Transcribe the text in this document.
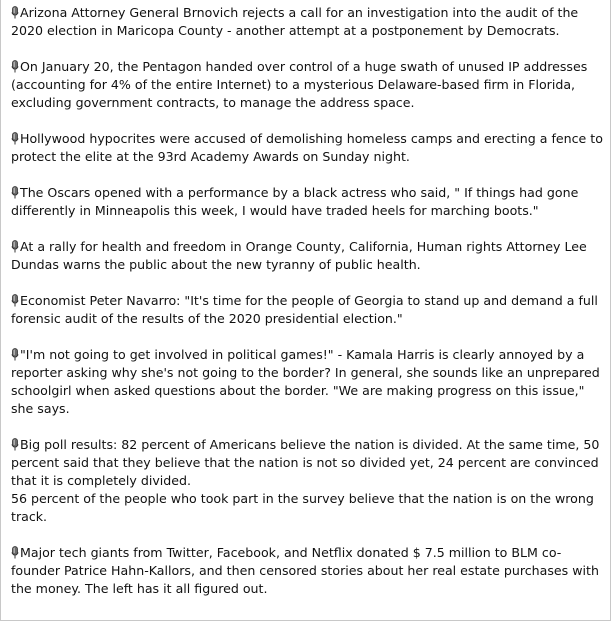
Arizona Attorney General Brnovich rejects a call for an investigation into the audit of the 2020 election in Maricopa County - another attempt at a postponement by Democrats.

On January 20, the Pentagon handed over control of a huge swath of unused IP addresses (accounting for 4% of the entire Internet) to a mysterious Delaware-based firm in Florida, excluding government contracts, to manage the address space.

Hollywood hypocrites were accused of demolishing homeless camps and erecting a fence to protect the elite at the 93rd Academy Awards on Sunday night.

The Oscars opened with a performance by a black actress who said, " If things had gone differently in Minneapolis this week, I would have traded heels for marching boots."

At a rally for health and freedom in Orange County, California, Human rights Attorney Lee Dundas warns the public about the new tyranny of public health.

Economist Peter Navarro: "It's time for the people of Georgia to stand up and demand a full forensic audit of the results of the 2020 presidential election."

"I'm not going to get involved in political games!" - Kamala Harris is clearly annoyed by a reporter asking why she's not going to the border? In general, she sounds like an unprepared schoolgirl when asked questions about the border. "We are making progress on this issue," she says.

Big poll results: 82 percent of Americans believe the nation is divided. At the same time, 50 percent said that they believe that the nation is not so divided yet, 24 percent are convinced that it is completely divided.

56 percent of the people who took part in the survey believe that the nation is on the wrong track.

Major tech giants from Twitter, Facebook, and Netflix donated $ 7.5 million to BLM co-founder Patrice Hahn-Kallors, and then censored stories about her real estate purchases with the money. The left has it all figured out.
